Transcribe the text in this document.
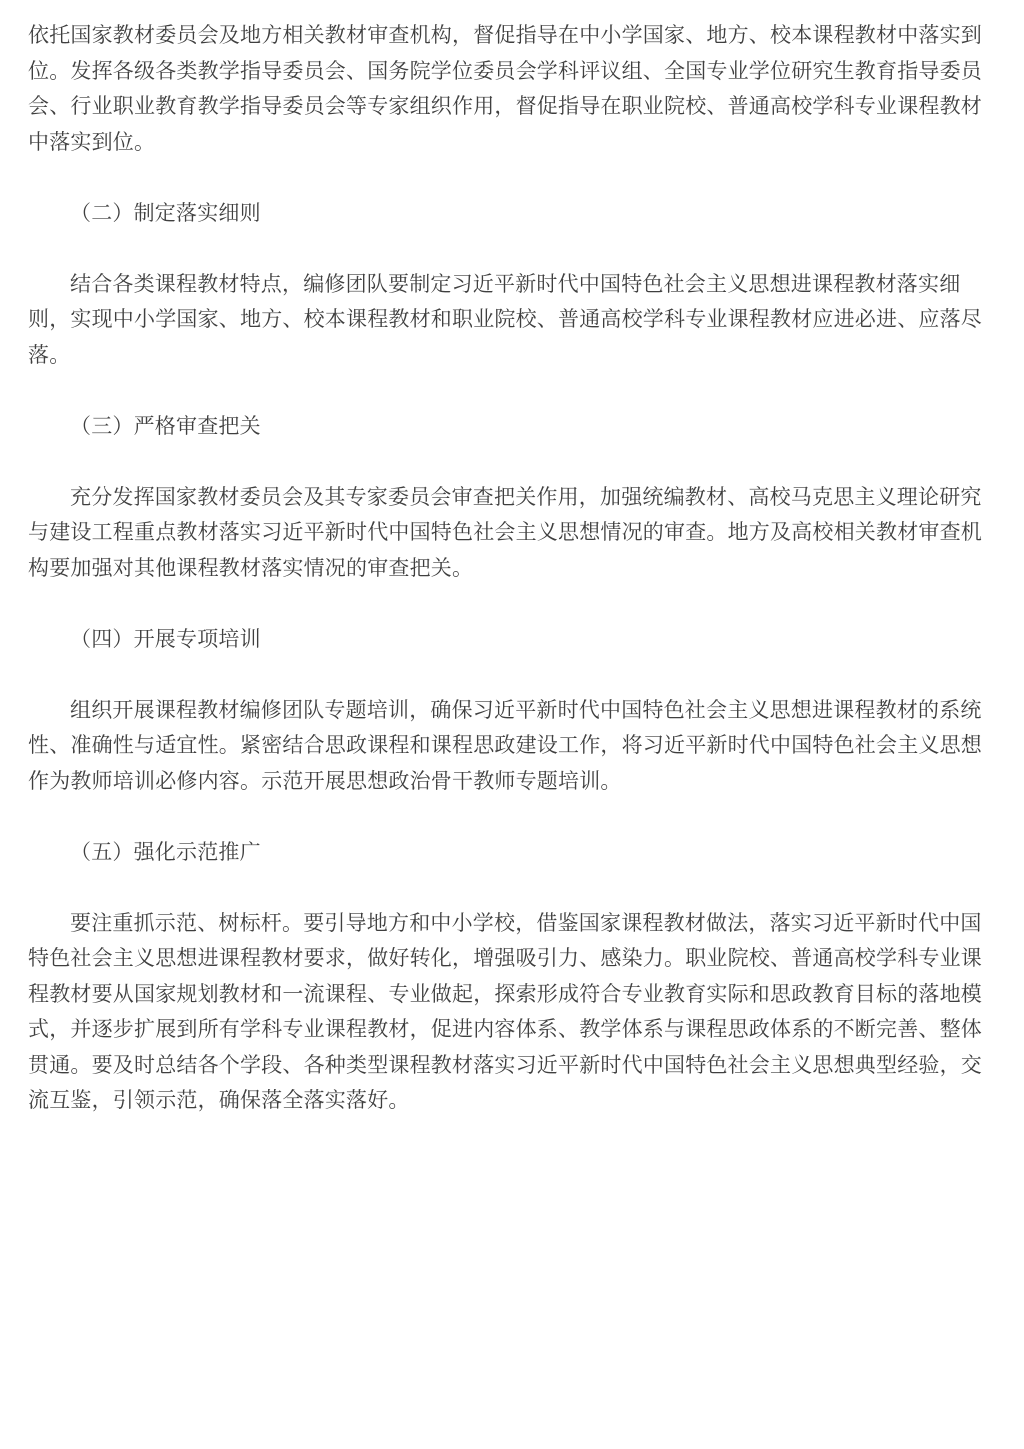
依托国家教材委员会及地方相关教材审查机构，督促指导在中小学国家、地方、校本课程教材中落实到位。发挥各级各类教学指导委员会、国务院学位委员会学科评议组、全国专业学位研究生教育指导委员会、行业职业教育教学指导委员会等专家组织作用，督促指导在职业院校、普通高校学科专业课程教材中落实到位。

（二）制定落实细则

结合各类课程教材特点，编修团队要制定习近平新时代中国特色社会主义思想进课程教材落实细则，实现中小学国家、地方、校本课程教材和职业院校、普通高校学科专业课程教材应进必进、应落尽落。

（三）严格审查把关

充分发挥国家教材委员会及其专家委员会审查把关作用，加强统编教材、高校马克思主义理论研究与建设工程重点教材落实习近平新时代中国特色社会主义思想情况的审查。地方及高校相关教材审查机构要加强对其他课程教材落实情况的审查把关。

（四）开展专项培训

组织开展课程教材编修团队专题培训，确保习近平新时代中国特色社会主义思想进课程教材的系统性、准确性与适宜性。紧密结合思政课程和课程思政建设工作，将习近平新时代中国特色社会主义思想作为教师培训必修内容。示范开展思想政治骨干教师专题培训。

（五）强化示范推广

要注重抓示范、树标杆。要引导地方和中小学校，借鉴国家课程教材做法，落实习近平新时代中国特色社会主义思想进课程教材要求，做好转化，增强吸引力、感染力。职业院校、普通高校学科专业课程教材要从国家规划教材和一流课程、专业做起，探索形成符合专业教育实际和思政教育目标的落地模式，并逐步扩展到所有学科专业课程教材，促进内容体系、教学体系与课程思政体系的不断完善、整体贯通。要及时总结各个学段、各种类型课程教材落实习近平新时代中国特色社会主义思想典型经验，交流互鉴，引领示范，确保落全落实落好。
